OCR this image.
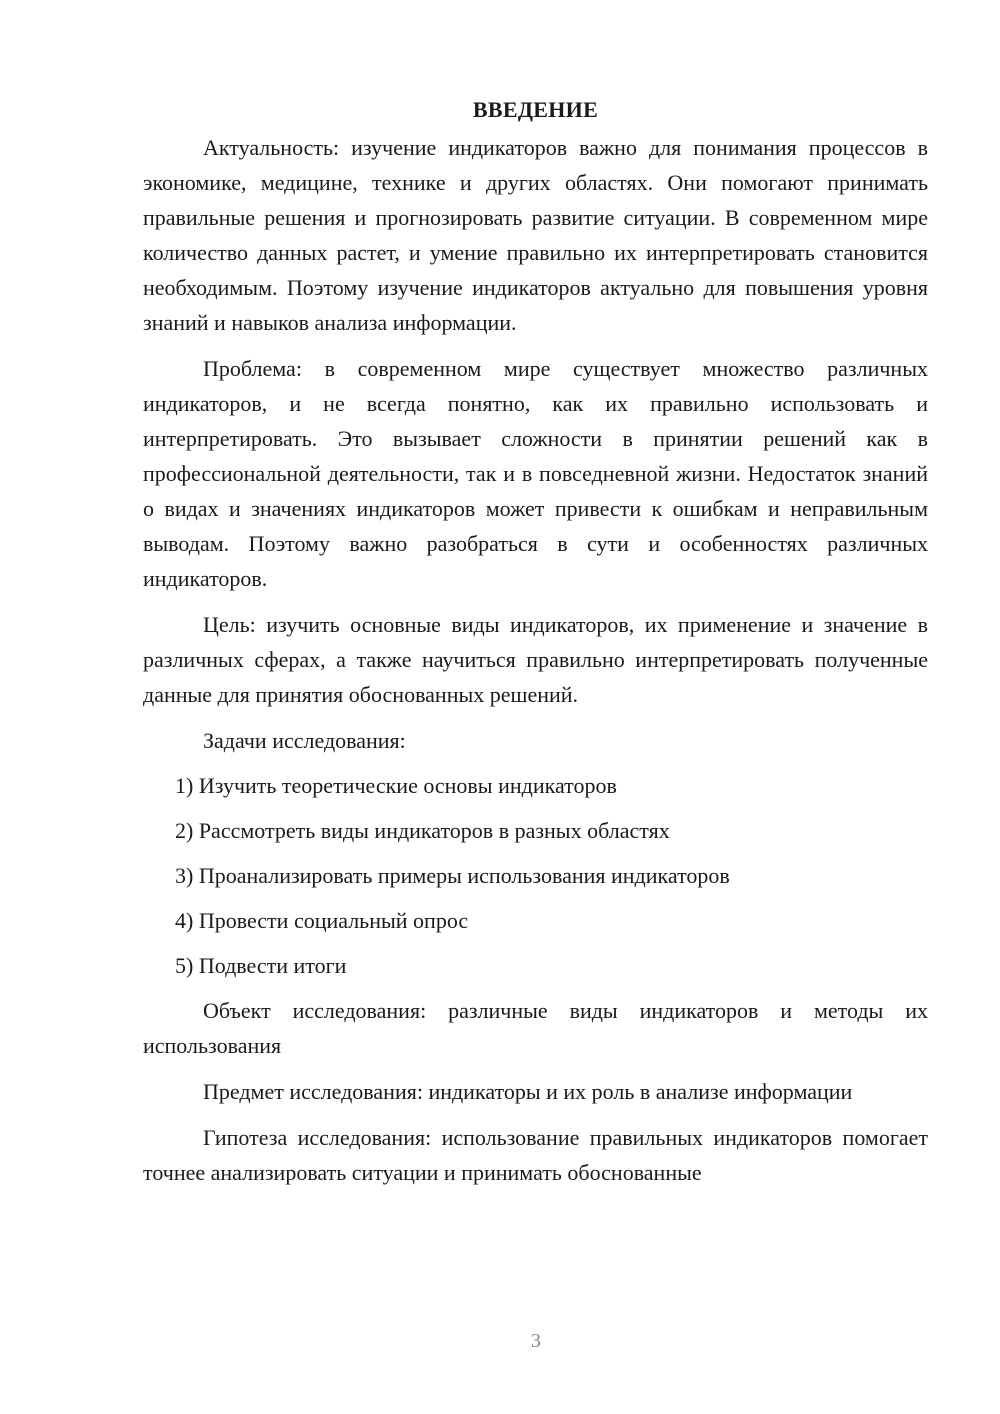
ВВЕДЕНИЕ

Актуальность: изучение индикаторов важно для понимания процессов в экономике, медицине, технике и других областях. Они помогают принимать правильные решения и прогнозировать развитие ситуации. В современном мире количество данных растет, и умение правильно их интерпретировать становится необходимым. Поэтому изучение индикаторов актуально для повышения уровня знаний и навыков анализа информации.

Проблема: в современном мире существует множество различных индикаторов, и не всегда понятно, как их правильно использовать и интерпретировать. Это вызывает сложности в принятии решений как в профессиональной деятельности, так и в повседневной жизни. Недостаток знаний о видах и значениях индикаторов может привести к ошибкам и неправильным выводам. Поэтому важно разобраться в сути и особенностях различных индикаторов.

Цель: изучить основные виды индикаторов, их применение и значение в различных сферах, а также научиться правильно интерпретировать полученные данные для принятия обоснованных решений.

Задачи исследования:

1) Изучить теоретические основы индикаторов
2) Рассмотреть виды индикаторов в разных областях
3) Проанализировать примеры использования индикаторов
4) Провести социальный опрос
5) Подвести итоги

Объект исследования: различные виды индикаторов и методы их использования

Предмет исследования: индикаторы и их роль в анализе информации

Гипотеза исследования: использование правильных индикаторов помогает точнее анализировать ситуации и принимать обоснованные

3
